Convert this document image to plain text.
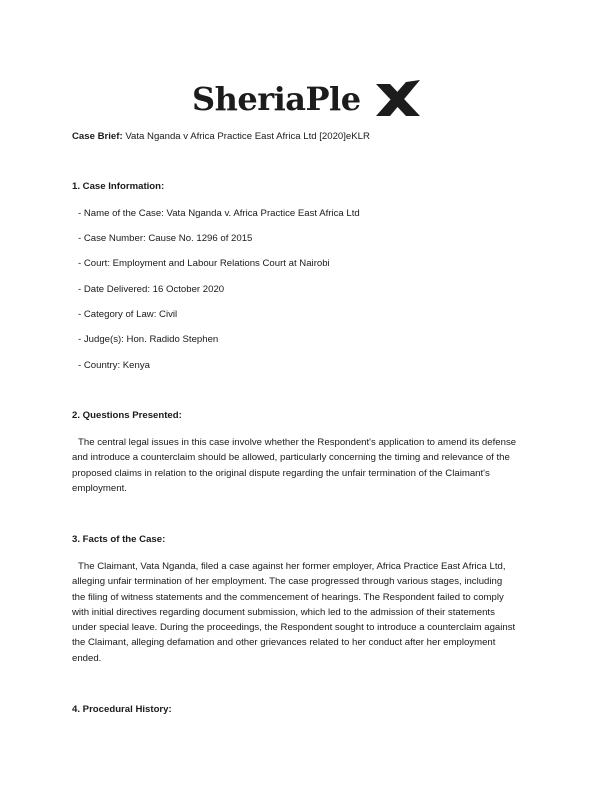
SheriaPle
Case Brief: Vata Nganda v Africa Practice East Africa Ltd [2020]eKLR
1. Case Information:
- Name of the Case: Vata Nganda v. Africa Practice East Africa Ltd
- Case Number: Cause No. 1296 of 2015
- Court: Employment and Labour Relations Court at Nairobi
- Date Delivered: 16 October 2020
- Category of Law: Civil
- Judge(s): Hon. Radido Stephen
- Country: Kenya
2. Questions Presented:
The central legal issues in this case involve whether the Respondent's application to amend its defense
and introduce a counterclaim should be allowed, particularly concerning the timing and relevance of the
proposed claims in relation to the original dispute regarding the unfair termination of the Claimant's
employment.
3. Facts of the Case:
The Claimant, Vata Nganda, filed a case against her former employer, Africa Practice East Africa Ltd,
alleging unfair termination of her employment. The case progressed through various stages, including
the filing of witness statements and the commencement of hearings. The Respondent failed to comply
with initial directives regarding document submission, which led to the admission of their statements
under special leave. During the proceedings, the Respondent sought to introduce a counterclaim against
the Claimant, alleging defamation and other grievances related to her conduct after her employment
ended.
4. Procedural History:
